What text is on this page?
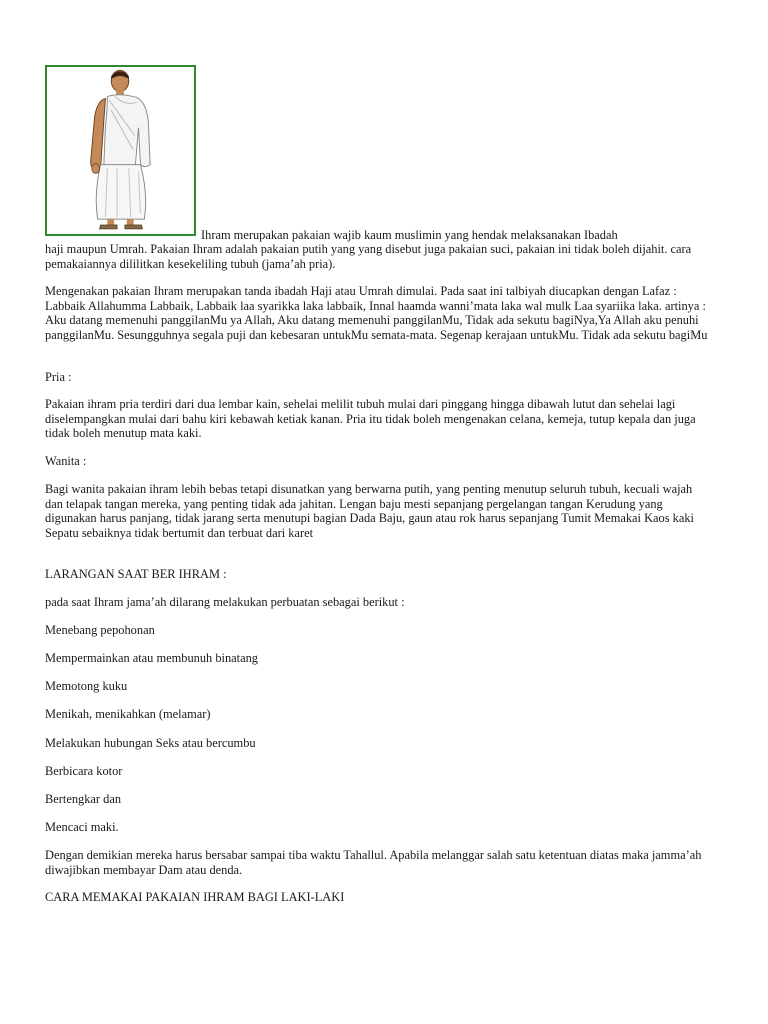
Ihram merupakan pakaian wajib kaum muslimin yang hendak melaksanakan Ibadah

haji maupun Umrah. Pakaian Ihram adalah pakaian putih yang yang disebut juga pakaian suci, pakaian ini tidak boleh dijahit. cara pemakaiannya dililitkan kesekeliling tubuh (jama’ah pria).

Mengenakan pakaian Ihram merupakan tanda ibadah Haji atau Umrah dimulai. Pada saat ini talbiyah diucapkan dengan Lafaz : Labbaik Allahumma Labbaik, Labbaik laa syarikka laka labbaik, Innal haamda wanni’mata laka wal mulk Laa syariika laka. artinya : Aku datang memenuhi panggilanMu ya Allah, Aku datang memenuhi panggilanMu, Tidak ada sekutu bagiNya,Ya Allah aku penuhi panggilanMu. Sesungguhnya segala puji dan kebesaran untukMu semata-mata. Segenap kerajaan untukMu. Tidak ada sekutu bagiMu

Pria :

Pakaian ihram pria terdiri dari dua lembar kain, sehelai melilit tubuh mulai dari pinggang hingga dibawah lutut dan sehelai lagi diselempangkan mulai dari bahu kiri kebawah ketiak kanan. Pria itu tidak boleh mengenakan celana, kemeja, tutup kepala dan juga tidak boleh menutup mata kaki.

Wanita :

Bagi wanita pakaian ihram lebih bebas tetapi disunatkan yang berwarna putih, yang penting menutup seluruh tubuh, kecuali wajah dan telapak tangan mereka, yang penting tidak ada jahitan. Lengan baju mesti sepanjang pergelangan tangan Kerudung yang digunakan harus panjang, tidak jarang serta menutupi bagian Dada Baju, gaun atau rok harus sepanjang Tumit Memakai Kaos kaki Sepatu sebaiknya tidak bertumit dan terbuat dari karet

LARANGAN SAAT BER IHRAM :

pada saat Ihram jama’ah dilarang melakukan perbuatan sebagai berikut :

Menebang pepohonan

Mempermainkan atau membunuh binatang

Memotong kuku

Menikah, menikahkan (melamar)

Melakukan hubungan Seks atau bercumbu

Berbicara kotor

Bertengkar dan

Mencaci maki.

Dengan demikian mereka harus bersabar sampai tiba waktu Tahallul. Apabila melanggar salah satu ketentuan diatas maka jamma’ah diwajibkan membayar Dam atau denda.

CARA MEMAKAI PAKAIAN IHRAM BAGI LAKI-LAKI
